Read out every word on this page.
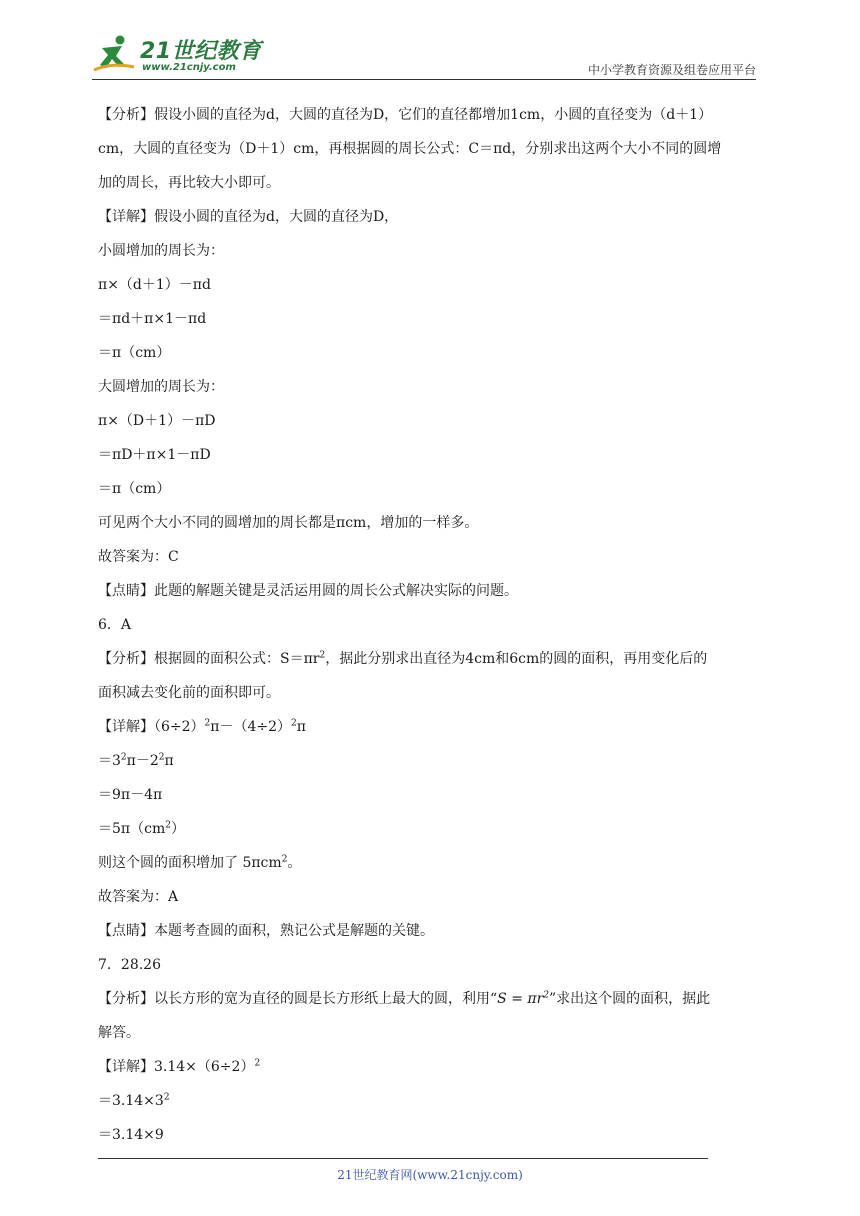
21世纪教育
www.21cnjy.com	中小学教育资源及组卷应用平台

【分析】假设小圆的直径为d，大圆的直径为D，它们的直径都增加1cm，小圆的直径变为（d＋1）

cm，大圆的直径变为（D＋1）cm，再根据圆的周长公式：C＝πd，分别求出这两个大小不同的圆增

加的周长，再比较大小即可。

【详解】假设小圆的直径为d，大圆的直径为D，

小圆增加的周长为：

π×（d＋1）－πd

＝πd＋π×1－πd

＝π（cm）

大圆增加的周长为：

π×（D＋1）－πD

＝πD＋π×1－πD

＝π（cm）

可见两个大小不同的圆增加的周长都是πcm，增加的一样多。

故答案为：C

【点睛】此题的解题关键是灵活运用圆的周长公式解决实际的问题。

6．A

【分析】根据圆的面积公式：$S=\pi r^2$，据此分别求出直径为4cm和6cm的圆的面积，再用变化后的

面积减去变化前的面积即可。

【详解】$(6\div 2)^2\pi-(4\div 2)^2\pi$

$=3^2\pi-2^2\pi$

＝9π－4π

$=5\pi(cm^2)$

则这个圆的面积增加了 5πcm$^2$。

故答案为：A

【点睛】本题考查圆的面积，熟记公式是解题的关键。

7．28.26

【分析】以长方形的宽为直径的圆是长方形纸上最大的圆，利用“$S = \pi r^2$”求出这个圆的面积，据此

解答。

【详解】$3.14\times(6\div 2)^2$

$=3.14\times 3^2$

＝3.14×9

21世纪教育网(www.21cnjy.com)
